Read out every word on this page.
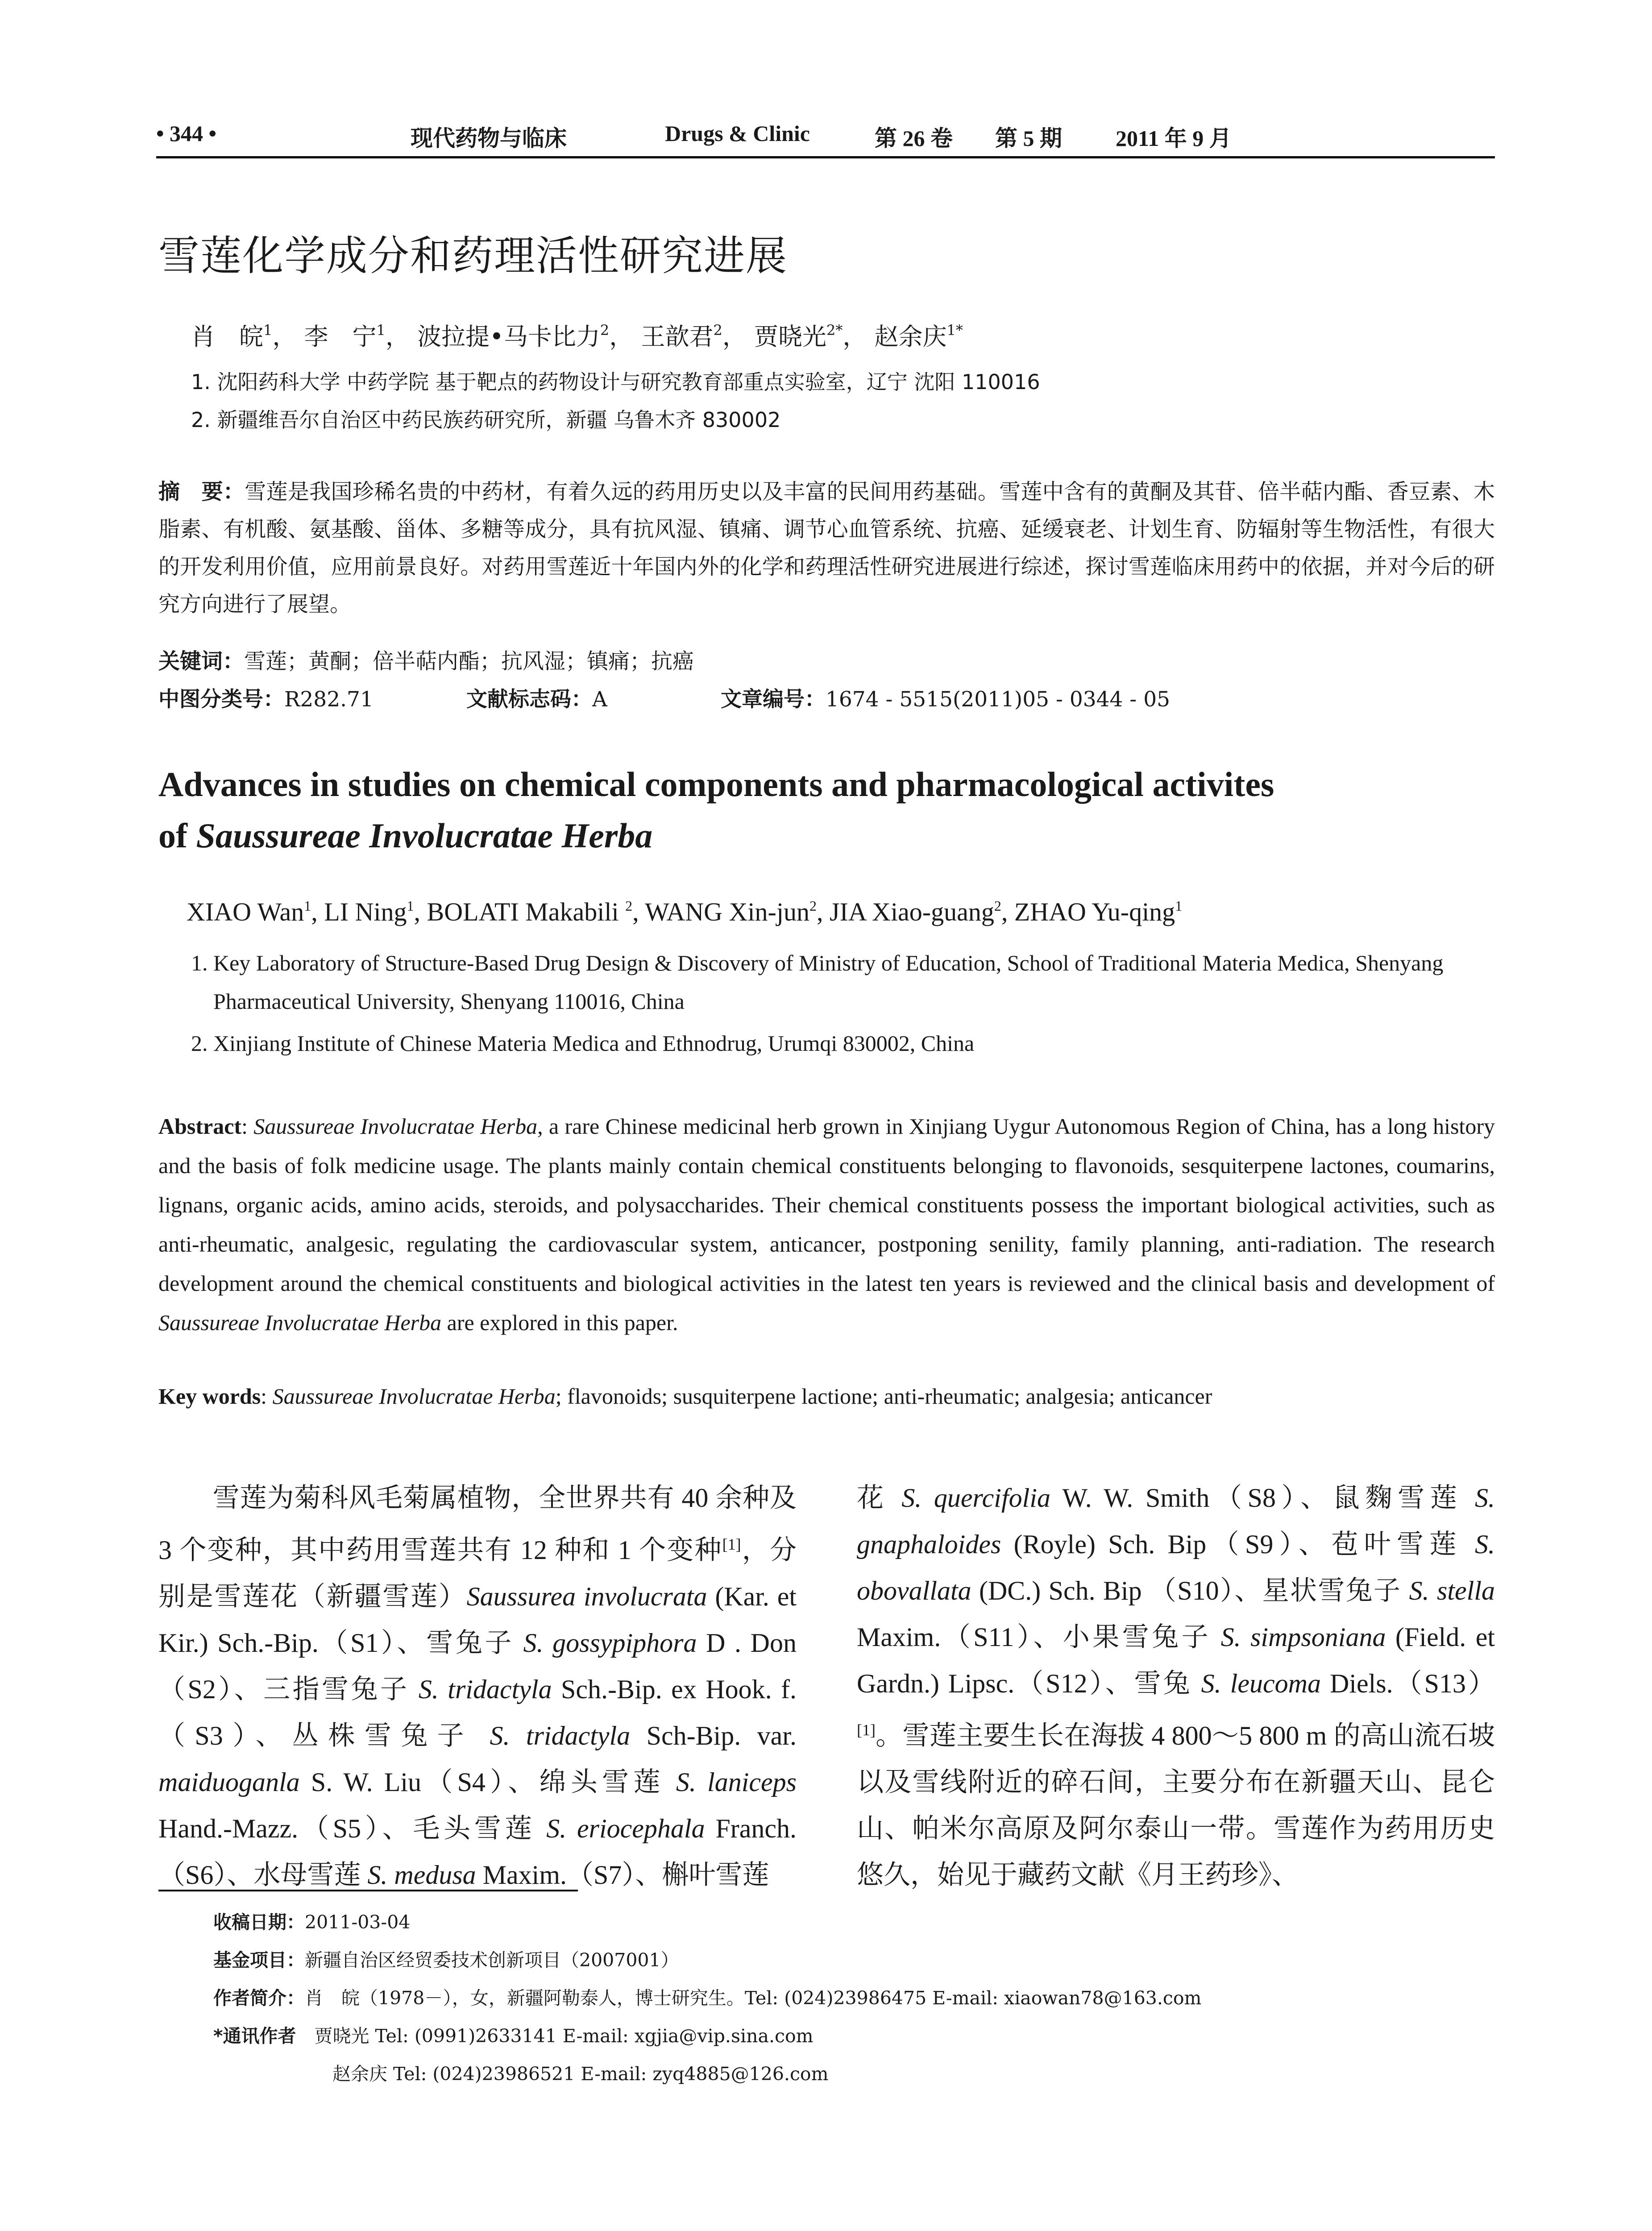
• 344 •	现代药物与临床	Drugs & Clinic	第 26 卷 第 5 期 2011 年 9 月
雪莲化学成分和药理活性研究进展
肖　皖$^1$， 李　宁$^1$， 波拉提•马卡比力$^2$， 王歆君$^2$， 贾晓光$^{2*}$， 赵余庆$^{1*}$
1. 沈阳药科大学 中药学院 基于靶点的药物设计与研究教育部重点实验室，辽宁 沈阳 110016
2. 新疆维吾尔自治区中药民族药研究所，新疆 乌鲁木齐 830002
摘　要：雪莲是我国珍稀名贵的中药材，有着久远的药用历史以及丰富的民间用药基础。雪莲中含有的黄酮及其苷、倍半萜内酯、香豆素、木脂素、有机酸、氨基酸、甾体、多糖等成分，具有抗风湿、镇痛、调节心血管系统、抗癌、延缓衰老、计划生育、防辐射等生物活性，有很大的开发利用价值，应用前景良好。对药用雪莲近十年国内外的化学和药理活性研究进展进行综述，探讨雪莲临床用药中的依据，并对今后的研究方向进行了展望。
关键词：雪莲；黄酮；倍半萜内酯；抗风湿；镇痛；抗癌
中图分类号：R282.71	文献标志码：A	文章编号：1674 - 5515(2011)05 - 0344 - 05
Advances in studies on chemical components and pharmacological activites
of Saussureae Involucratae Herba
XIAO Wan$^1$, LI Ning$^1$, BOLATI Makabili $^2$, WANG Xin-jun$^2$, JIA Xiao-guang$^2$, ZHAO Yu-qing$^1$
1. Key Laboratory of Structure-Based Drug Design & Discovery of Ministry of Education, School of Traditional Materia Medica, Shenyang Pharmaceutical University, Shenyang 110016, China
2. Xinjiang Institute of Chinese Materia Medica and Ethnodrug, Urumqi 830002, China
Abstract: Saussureae Involucratae Herba, a rare Chinese medicinal herb grown in Xinjiang Uygur Autonomous Region of China, has a long history and the basis of folk medicine usage. The plants mainly contain chemical constituents belonging to flavonoids, sesquiterpene lactones, coumarins, lignans, organic acids, amino acids, steroids, and polysaccharides. Their chemical constituents possess the important biological activities, such as anti-rheumatic, analgesic, regulating the cardiovascular system, anticancer, postponing senility, family planning, anti-radiation. The research development around the chemical constituents and biological activities in the latest ten years is reviewed and the clinical basis and development of Saussureae Involucratae Herba are explored in this paper.
Key words: Saussureae Involucratae Herba; flavonoids; susquiterpene lactione; anti-rheumatic; analgesia; anticancer
　　雪莲为菊科风毛菊属植物，全世界共有 40 余种及 3 个变种，其中药用雪莲共有 12 种和 1 个变种[1]，分别是雪莲花（新疆雪莲）Saussurea involucrata (Kar. et Kir.) Sch.-Bip.（S1）、雪兔子 S. gossypiphora D . Don（S2）、三指雪兔子 S. tridactyla Sch.-Bip. ex Hook. f.（S3）、丛株雪兔子 S. tridactyla Sch-Bip. var. maiduoganla S. W. Liu（S4）、绵头雪莲 S. laniceps Hand.-Mazz.（S5）、毛头雪莲 S. eriocephala Franch.（S6）、水母雪莲 S. medusa Maxim.（S7）、槲叶雪莲
花 S. quercifolia W. W. Smith（S8）、鼠麴雪莲 S. gnaphaloides (Royle) Sch. Bip（S9）、苞叶雪莲 S. obovallata (DC.) Sch. Bip （S10）、星状雪兔子 S. stella Maxim.（S11）、小果雪兔子 S. simpsoniana (Field. et Gardn.) Lipsc.（S12）、雪兔 S. leucoma Diels.（S13）[1]。雪莲主要生长在海拔 4 800～5 800 m 的高山流石坡以及雪线附近的碎石间，主要分布在新疆天山、昆仑山、帕米尔高原及阿尔泰山一带。雪莲作为药用历史悠久，始见于藏药文献《月王药珍》、
收稿日期：2011-03-04
基金项目：新疆自治区经贸委技术创新项目（2007001）
作者简介：肖　皖（1978－），女，新疆阿勒泰人，博士研究生。Tel: (024)23986475 E-mail: xiaowan78@163.com
*通讯作者　 贾晓光 Tel: (0991)2633141 E-mail: xgjia@vip.sina.com
赵余庆 Tel: (024)23986521 E-mail: zyq4885@126.com
